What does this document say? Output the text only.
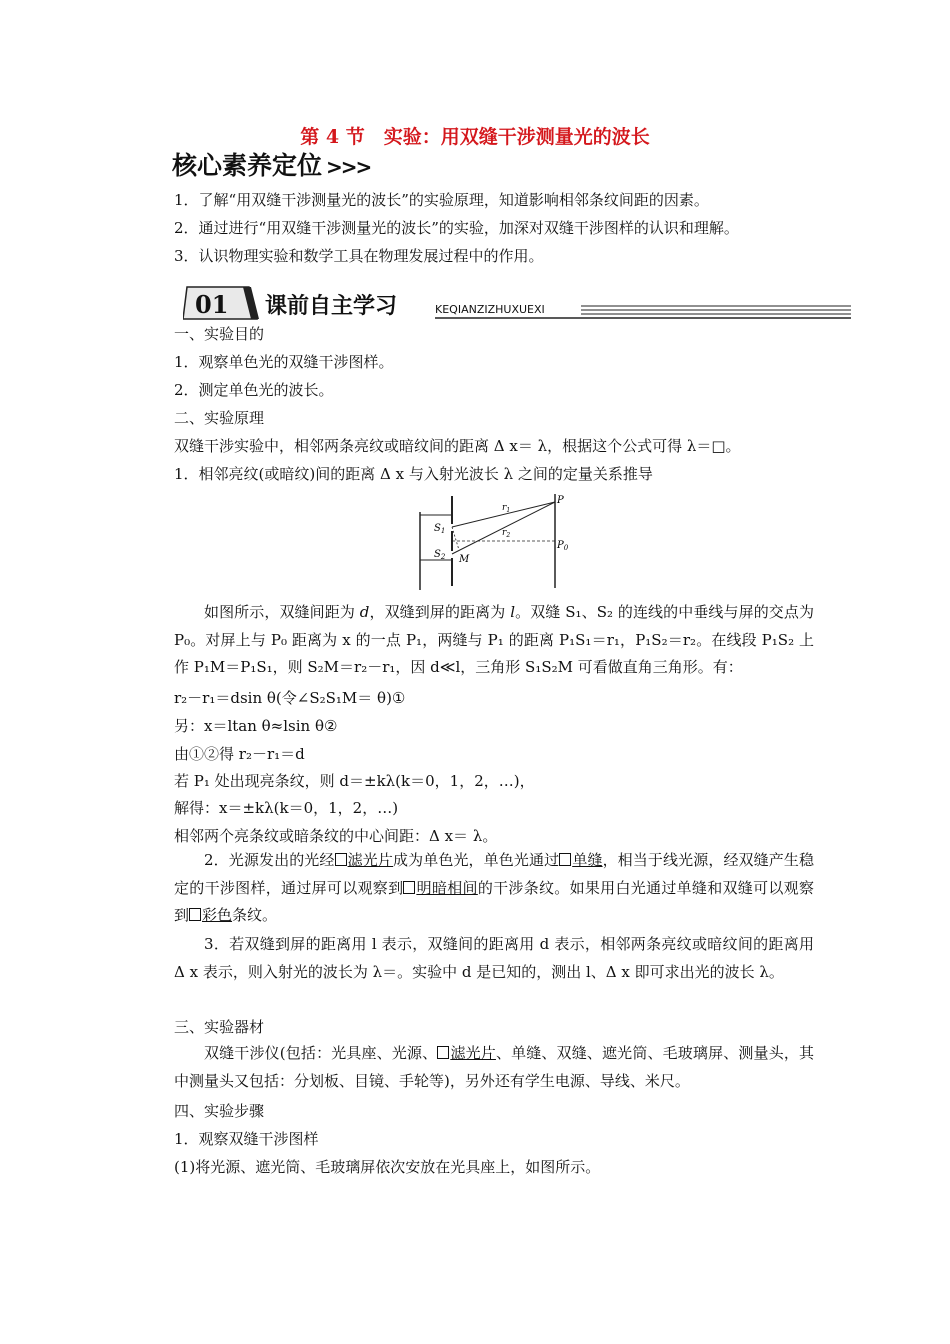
第 4 节　实验：用双缝干涉测量光的波长
核心素养定位 >>>
1．了解“用双缝干涉测量光的波长”的实验原理，知道影响相邻条纹间距的因素。
2．通过进行“用双缝干涉测量光的波长”的实验，加深对双缝干涉图样的认识和理解。
3．认识物理实验和数学工具在物理发展过程中的作用。
01 课前自主学习	KEQIANZIZHUXUEXI
一、实验目的
1．观察单色光的双缝干涉图样。
2．测定单色光的波长。
二、实验原理
双缝干涉实验中，相邻两条亮纹或暗纹间的距离 Δ x＝ λ，根据这个公式可得 λ＝□。
1．相邻亮纹(或暗纹)间的距离 Δ x 与入射光波长 λ 之间的定量关系推导
$S_1$
$S_2$ M
P
$P_0$
$r_1$
$r_2$
如图所示，双缝间距为 d，双缝到屏的距离为 l。双缝 S₁、S₂ 的连线的中垂线与屏的交点为 P₀。对屏上与 P₀ 距离为 x 的一点 P₁，两缝与 P₁ 的距离 P₁S₁＝r₁，P₁S₂＝r₂。在线段 P₁S₂ 上作 P₁M＝P₁S₁，则 S₂M＝r₂－r₁，因 d≪l，三角形 S₁S₂M 可看做直角三角形。有：
r₂－r₁＝dsin θ(令∠S₂S₁M＝ θ)①
另：x＝ltan θ≈lsin θ②
由①②得 r₂－r₁＝d
若 P₁ 处出现亮条纹，则 d＝±kλ(k＝0，1，2，…)，
解得：x＝±kλ(k＝0，1，2，…)
相邻两个亮条纹或暗条纹的中心间距：Δ x＝ λ。
2．光源发出的光经 滤光片成为单色光，单色光通过 单缝，相当于线光源，经双缝产生稳定的干涉图样，通过屏可以观察到 明暗相间的干涉条纹。如果用白光通过单缝和双缝可以观察到 彩色条纹。
3．若双缝到屏的距离用 l 表示，双缝间的距离用 d 表示，相邻两条亮纹或暗纹间的距离用 Δ x 表示，则入射光的波长为 λ＝。实验中 d 是已知的，测出 l、Δ x 即可求出光的波长 λ。
三、实验器材
双缝干涉仪(包括：光具座、光源、 滤光片、单缝、双缝、遮光筒、毛玻璃屏、测量头，其中测量头又包括：分划板、目镜、手轮等)，另外还有学生电源、导线、米尺。
四、实验步骤
1．观察双缝干涉图样
(1)将光源、遮光筒、毛玻璃屏依次安放在光具座上，如图所示。
